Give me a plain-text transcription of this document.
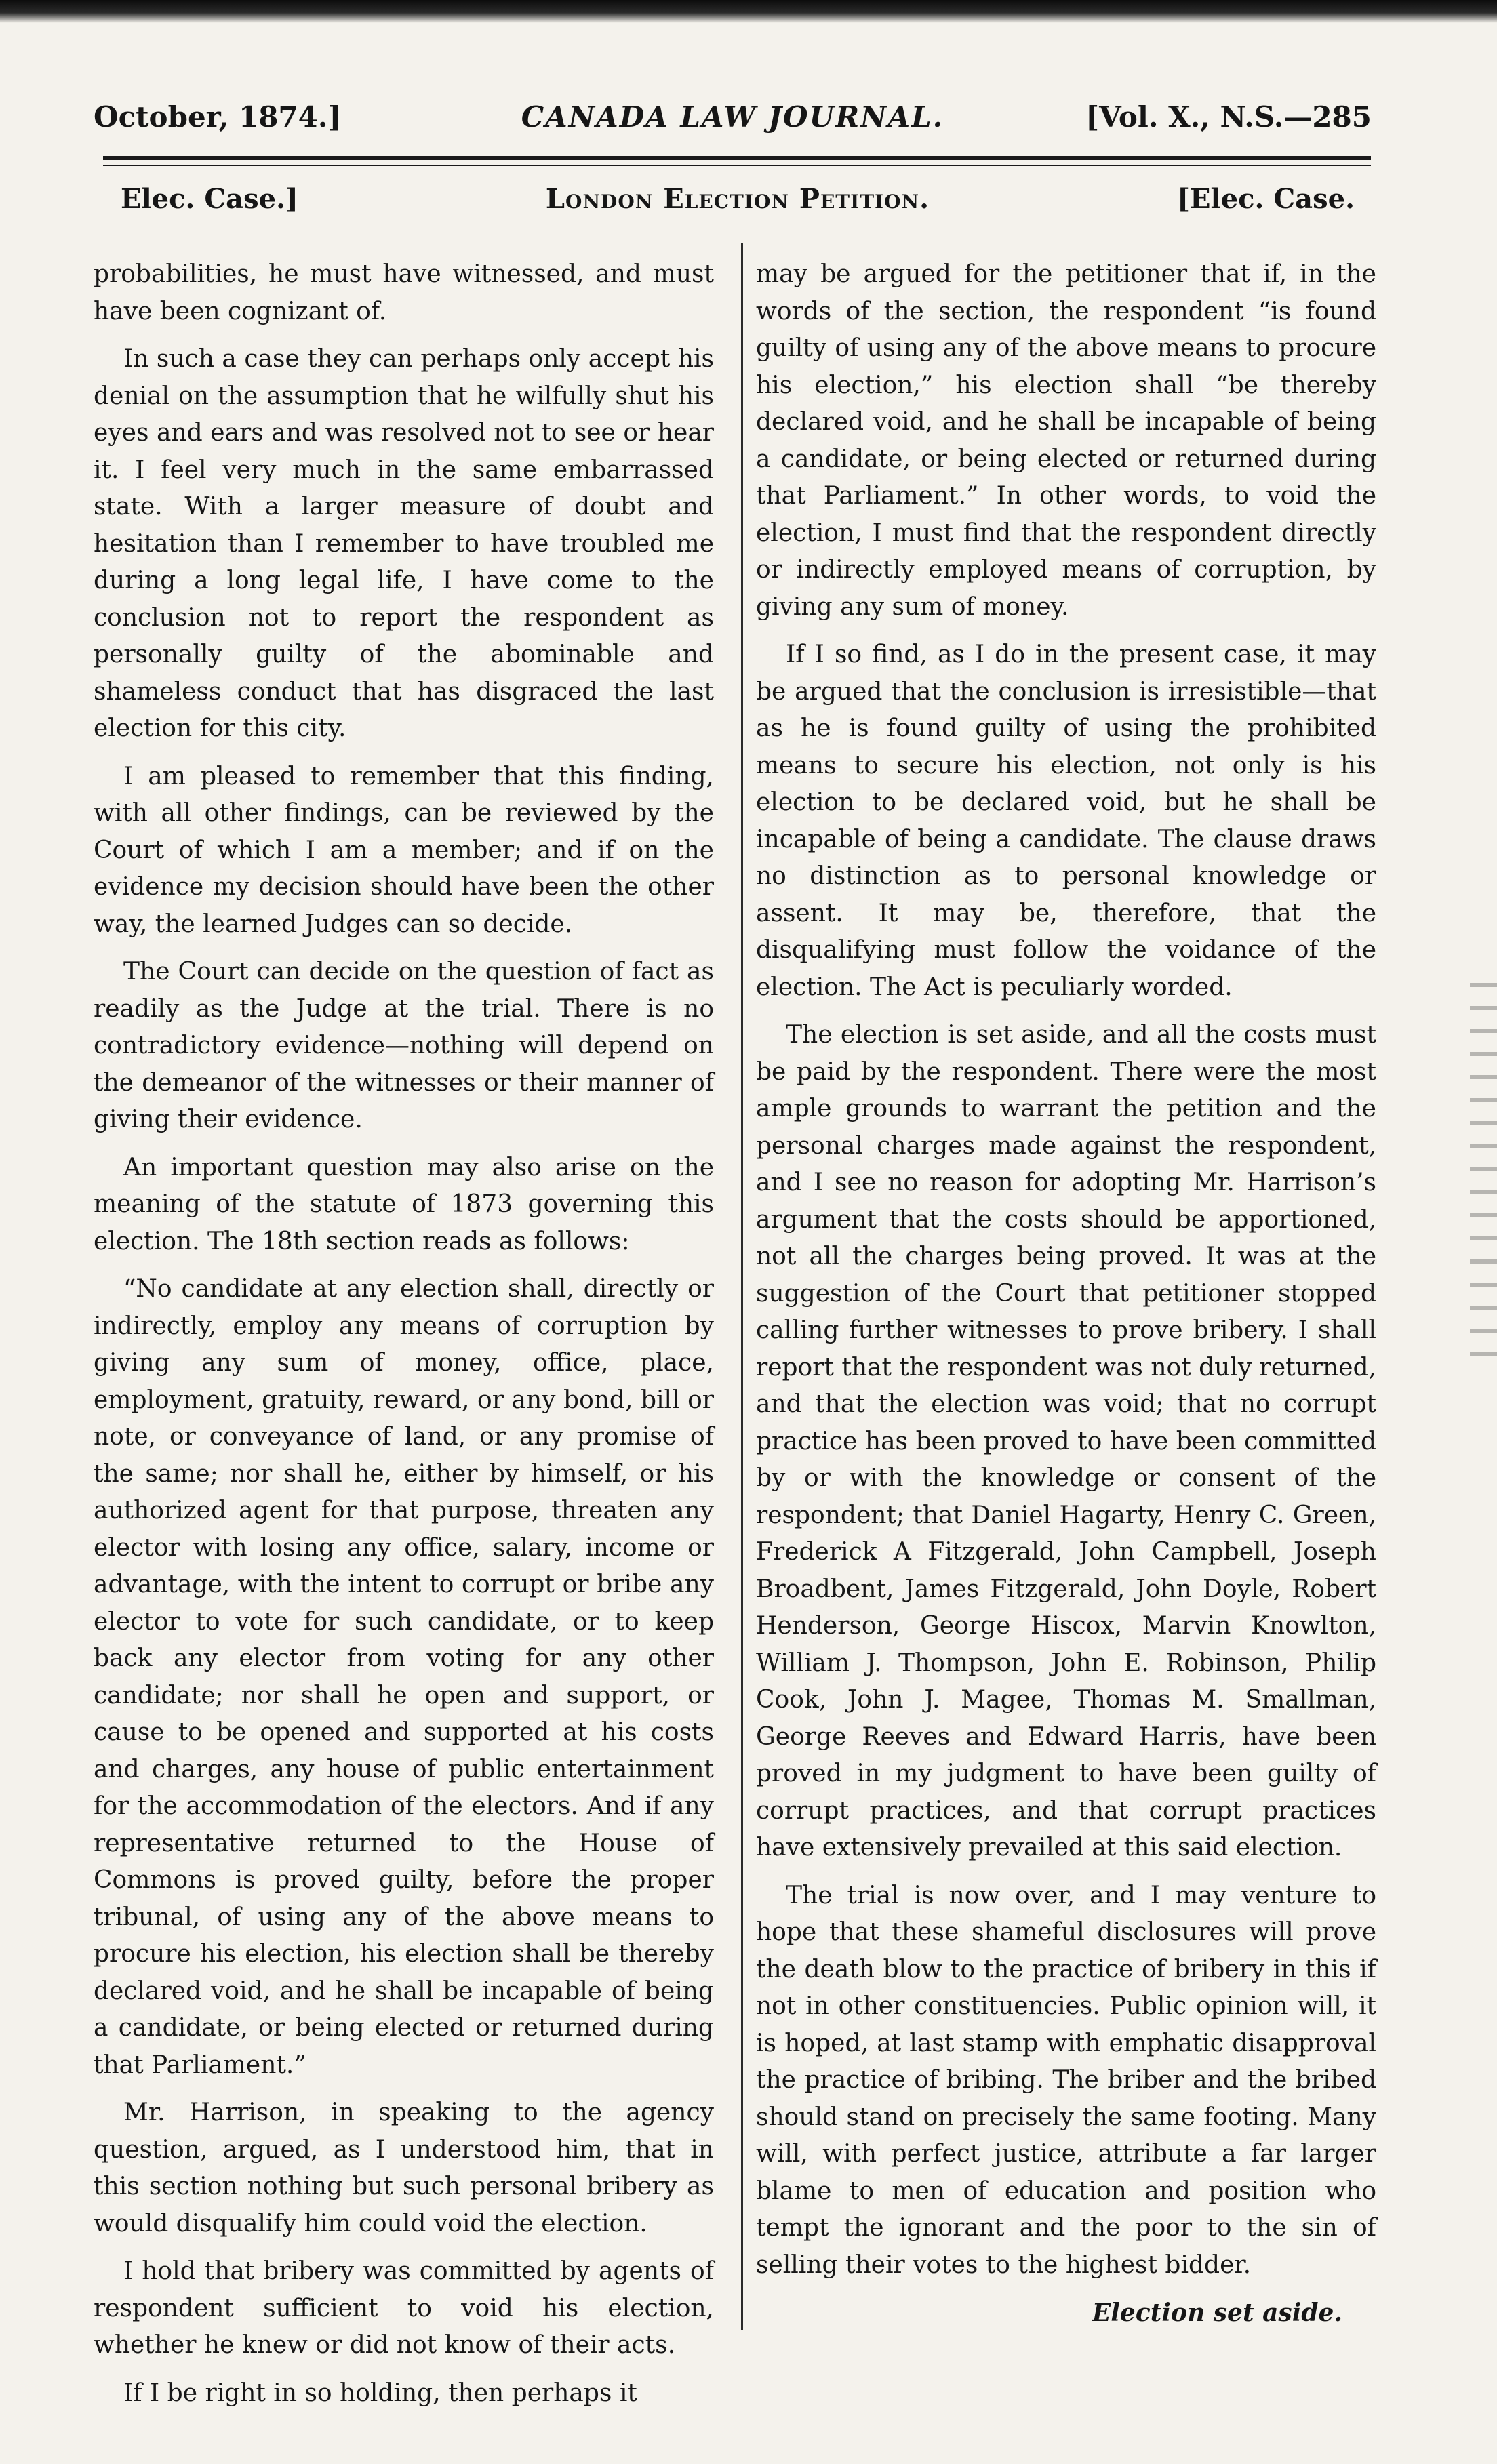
October, 1874.]	CANADA LAW JOURNAL.	[Vol. X., N.S.—285
Elec. Case.]	London Election Petition.	[Elec. Case.

probabilities, he must have witnessed, and must have been cognizant of.

In such a case they can perhaps only accept his denial on the assumption that he wilfully shut his eyes and ears and was resolved not to see or hear it. I feel very much in the same embarrassed state. With a larger measure of doubt and hesitation than I remember to have troubled me during a long legal life, I have come to the conclusion not to report the respondent as personally guilty of the abominable and shameless conduct that has disgraced the last election for this city.

I am pleased to remember that this finding, with all other findings, can be reviewed by the Court of which I am a member; and if on the evidence my decision should have been the other way, the learned Judges can so decide.

The Court can decide on the question of fact as readily as the Judge at the trial. There is no contradictory evidence—nothing will depend on the demeanor of the witnesses or their manner of giving their evidence.

An important question may also arise on the meaning of the statute of 1873 governing this election. The 18th section reads as follows:

“No candidate at any election shall, directly or indirectly, employ any means of corruption by giving any sum of money, office, place, employment, gratuity, reward, or any bond, bill or note, or conveyance of land, or any promise of the same; nor shall he, either by himself, or his authorized agent for that purpose, threaten any elector with losing any office, salary, income or advantage, with the intent to corrupt or bribe any elector to vote for such candidate, or to keep back any elector from voting for any other candidate; nor shall he open and support, or cause to be opened and supported at his costs and charges, any house of public entertainment for the accommodation of the electors. And if any representative returned to the House of Commons is proved guilty, before the proper tribunal, of using any of the above means to procure his election, his election shall be thereby declared void, and he shall be incapable of being a candidate, or being elected or returned during that Parliament.”

Mr. Harrison, in speaking to the agency question, argued, as I understood him, that in this section nothing but such personal bribery as would disqualify him could void the election.

I hold that bribery was committed by agents of respondent sufficient to void his election, whether he knew or did not know of their acts.

If I be right in so holding, then perhaps it

may be argued for the petitioner that if, in the words of the section, the respondent “is found guilty of using any of the above means to procure his election,” his election shall “be thereby declared void, and he shall be incapable of being a candidate, or being elected or returned during that Parliament.” In other words, to void the election, I must find that the respondent directly or indirectly employed means of corruption, by giving any sum of money.

If I so find, as I do in the present case, it may be argued that the conclusion is irresistible—that as he is found guilty of using the prohibited means to secure his election, not only is his election to be declared void, but he shall be incapable of being a candidate. The clause draws no distinction as to personal knowledge or assent. It may be, therefore, that the disqualifying must follow the voidance of the election. The Act is peculiarly worded.

The election is set aside, and all the costs must be paid by the respondent. There were the most ample grounds to warrant the petition and the personal charges made against the respondent, and I see no reason for adopting Mr. Harrison’s argument that the costs should be apportioned, not all the charges being proved. It was at the suggestion of the Court that petitioner stopped calling further witnesses to prove bribery. I shall report that the respondent was not duly returned, and that the election was void; that no corrupt practice has been proved to have been committed by or with the knowledge or consent of the respondent; that Daniel Hagarty, Henry C. Green, Frederick A Fitzgerald, John Campbell, Joseph Broadbent, James Fitzgerald, John Doyle, Robert Henderson, George Hiscox, Marvin Knowlton, William J. Thompson, John E. Robinson, Philip Cook, John J. Magee, Thomas M. Smallman, George Reeves and Edward Harris, have been proved in my judgment to have been guilty of corrupt practices, and that corrupt practices have extensively prevailed at this said election.

The trial is now over, and I may venture to hope that these shameful disclosures will prove the death blow to the practice of bribery in this if not in other constituencies. Public opinion will, it is hoped, at last stamp with emphatic disapproval the practice of bribing. The briber and the bribed should stand on precisely the same footing. Many will, with perfect justice, attribute a far larger blame to men of education and position who tempt the ignorant and the poor to the sin of selling their votes to the highest bidder.

Election set aside.
